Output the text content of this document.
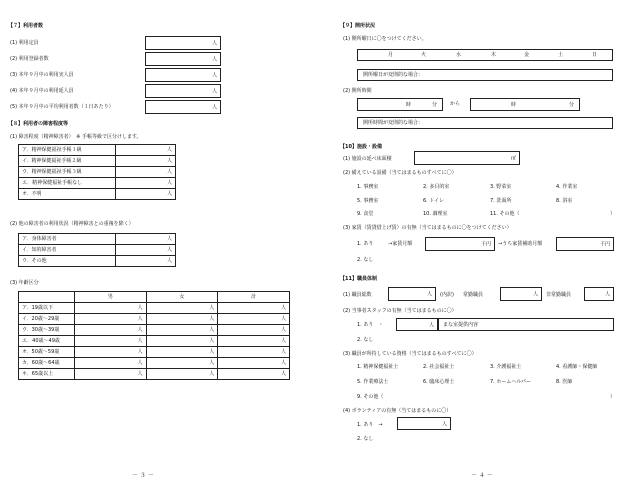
【７】利用者数
(1) 利用定員	人
(2) 利用登録者数	人
(3) 本年９月中の利用実人員	人
(4) 本年９月中の利用延人員	人
(5) 本年９月中の平均利用者数（１日あたり）	人
【８】利用者の障害程度等
(1) 障害程度（精神障害者）　※ 手帳等級で区分けします。
ア．精神保健福祉手帳１級	人
イ．精神保健福祉手帳２級	人
ウ．精神保健福祉手帳３級	人
エ．精神保健福祉手帳なし	人
オ．不明	人
(2) 他の障害者の利用状況（精神障害との重複を除く）
ア．身体障害者	人
イ．知的障害者	人
ウ．その他	人
(3) 年齢区分
	男	女	計
ア．19歳以下	人	人	人
イ．20歳～29歳	人	人	人
ウ．30歳～39歳	人	人	人
エ．40歳～49歳	人	人	人
オ．50歳～59歳	人	人	人
カ．60歳～64歳	人	人	人
キ．65歳以上	人	人	人
－ ３ －
【９】開所状況
(1) 開所曜日に〇をつけてください。
月	火	水	木	金	土	日
開所曜日が変則的な場合：
(2) 開所時間
時	分	から	時	分
開所時間が変則的な場合：
【10】施設・設備
(1) 施設の延べ床面積	㎡
(2) 備えている設備（当てはまるものすべてに〇）
1. 事務室	2. 多目的室	3. 野菜室	4. 作業室
5. 事務室	6. トイレ	7. 洗面所	8. 浴室
9. 食堂	10. 調理室	11. その他（	）
(3) 家賃（賃貸借上げ賃）の有無（当てはまるものに〇をつけてください）
1. あり	→家賃月額	千円 →うち家賃補助月額	千円
2. なし
【11】職員体制
(1) 職員総数	人 (内訳) 常勤職員	人 非常勤職員	人
(2) 当事者スタッフの有無（当てはまるものに〇）
1. あり　・	人 まな室提供内容
2. なし
(3) 職員が所持している資格（当てはまるものすべてに〇）
1. 精神保健福祉士	2. 社会福祉士	3. 介護福祉士	4. 看護師・保健師
5. 作業療法士	6. 臨床心理士	7. ホームヘルパー	8. 医師
9. その他（	）
(4) ボランティアの有無（当てはまるものに〇）
1. あり　→	人
2. なし
－ ４ －
